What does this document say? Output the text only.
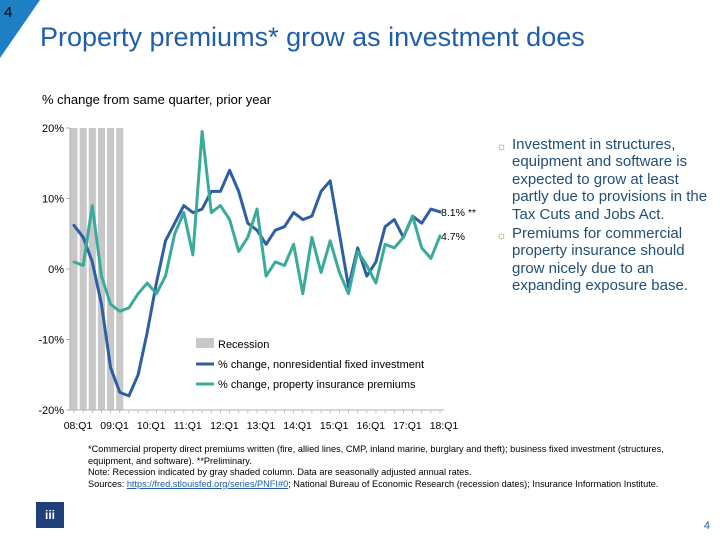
4
Property premiums* grow as investment does
% change from same quarter, prior year
-20%
-10%
0%
10%
20%
08:Q1 09:Q1 10:Q1 11:Q1 12:Q1 13:Q1 14:Q1 15:Q1 16:Q1 17:Q1 18:Q1
8.1% **
4.7%
Recession
% change, nonresidential fixed investment
% change, property insurance premiums
☼ Investment in structures, equipment and software is expected to grow at least partly due to provisions in the Tax Cuts and Jobs Act.
☼ Premiums for commercial property insurance should grow nicely due to an expanding exposure base.
*Commercial property direct premiums written (fire, allied lines, CMP, inland marine, burglary and theft); business fixed investment (structures, equipment, and software). **Preliminary.
Note: Recession indicated by gray shaded column. Data are seasonally adjusted annual rates.
Sources: https://fred.stlouisfed.org/series/PNFI#0; National Bureau of Economic Research (recession dates); Insurance Information Institute.
iii
4
